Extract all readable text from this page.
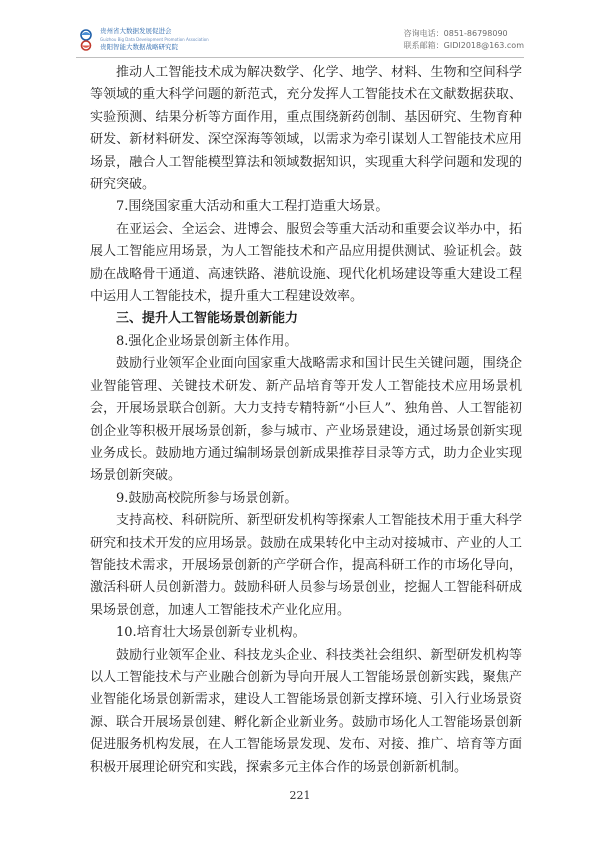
贵州省大数据发展促进会
Guizhou Big Data Development Promotion Association
贵阳智能大数据战略研究院
咨询电话：0851-86798090
联系邮箱：GIDI2018@163.com

推动人工智能技术成为解决数学、化学、地学、材料、生物和空间科学等领域的重大科学问题的新范式，充分发挥人工智能技术在文献数据获取、实验预测、结果分析等方面作用，重点围绕新药创制、基因研究、生物育种研发、新材料研发、深空深海等领域，以需求为牵引谋划人工智能技术应用场景，融合人工智能模型算法和领域数据知识，实现重大科学问题和发现的研究突破。

7.围绕国家重大活动和重大工程打造重大场景。

在亚运会、全运会、进博会、服贸会等重大活动和重要会议举办中，拓展人工智能应用场景，为人工智能技术和产品应用提供测试、验证机会。鼓励在战略骨干通道、高速铁路、港航设施、现代化机场建设等重大建设工程中运用人工智能技术，提升重大工程建设效率。

三、提升人工智能场景创新能力

8.强化企业场景创新主体作用。

鼓励行业领军企业面向国家重大战略需求和国计民生关键问题，围绕企业智能管理、关键技术研发、新产品培育等开发人工智能技术应用场景机会，开展场景联合创新。大力支持专精特新“小巨人”、独角兽、人工智能初创企业等积极开展场景创新，参与城市、产业场景建设，通过场景创新实现业务成长。鼓励地方通过编制场景创新成果推荐目录等方式，助力企业实现场景创新突破。

9.鼓励高校院所参与场景创新。

支持高校、科研院所、新型研发机构等探索人工智能技术用于重大科学研究和技术开发的应用场景。鼓励在成果转化中主动对接城市、产业的人工智能技术需求，开展场景创新的产学研合作，提高科研工作的市场化导向，激活科研人员创新潜力。鼓励科研人员参与场景创业，挖掘人工智能科研成果场景创意，加速人工智能技术产业化应用。

10.培育壮大场景创新专业机构。

鼓励行业领军企业、科技龙头企业、科技类社会组织、新型研发机构等以人工智能技术与产业融合创新为导向开展人工智能场景创新实践，聚焦产业智能化场景创新需求，建设人工智能场景创新支撑环境、引入行业场景资源、联合开展场景创建、孵化新企业新业务。鼓励市场化人工智能场景创新促进服务机构发展，在人工智能场景发现、发布、对接、推广、培育等方面积极开展理论研究和实践，探索多元主体合作的场景创新新机制。

221
